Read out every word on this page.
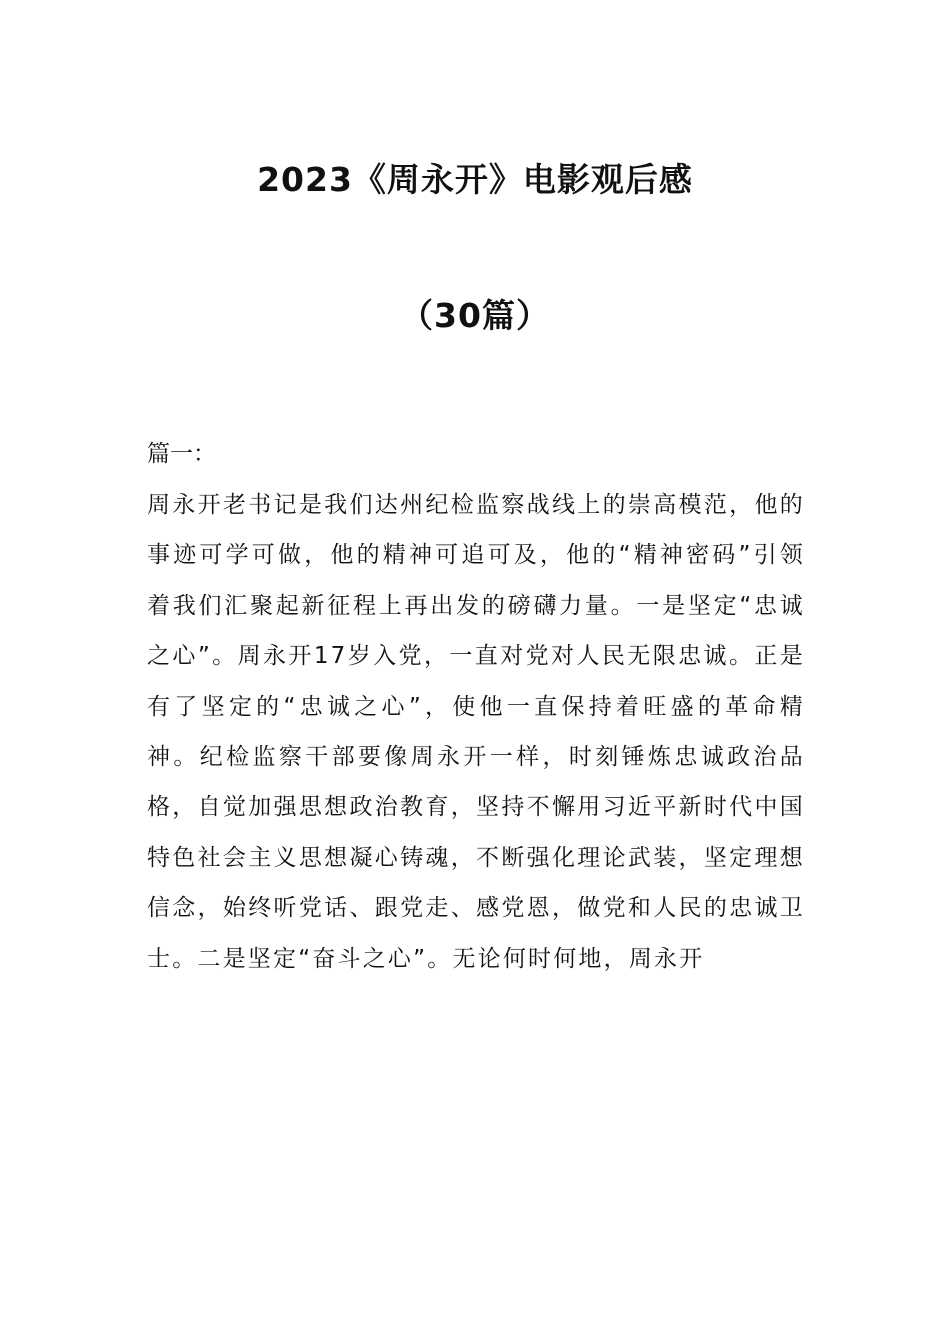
2023《周永开》电影观后感
（30篇）
篇一：

周永开老书记是我们达州纪检监察战线上的崇高模范，他的事迹可学可做，他的精神可追可及，他的“精神密码”引领着我们汇聚起新征程上再出发的磅礴力量。一是坚定“忠诚之心”。周永开17岁入党，一直对党对人民无限忠诚。正是有了坚定的“忠诚之心”，使他一直保持着旺盛的革命精神。纪检监察干部要像周永开一样，时刻锤炼忠诚政治品格，自觉加强思想政治教育，坚持不懈用习近平新时代中国特色社会主义思想凝心铸魂，不断强化理论武装，坚定理想信念，始终听党话、跟党走、感党恩，做党和人民的忠诚卫士。二是坚定“奋斗之心”。无论何时何地，周永开
